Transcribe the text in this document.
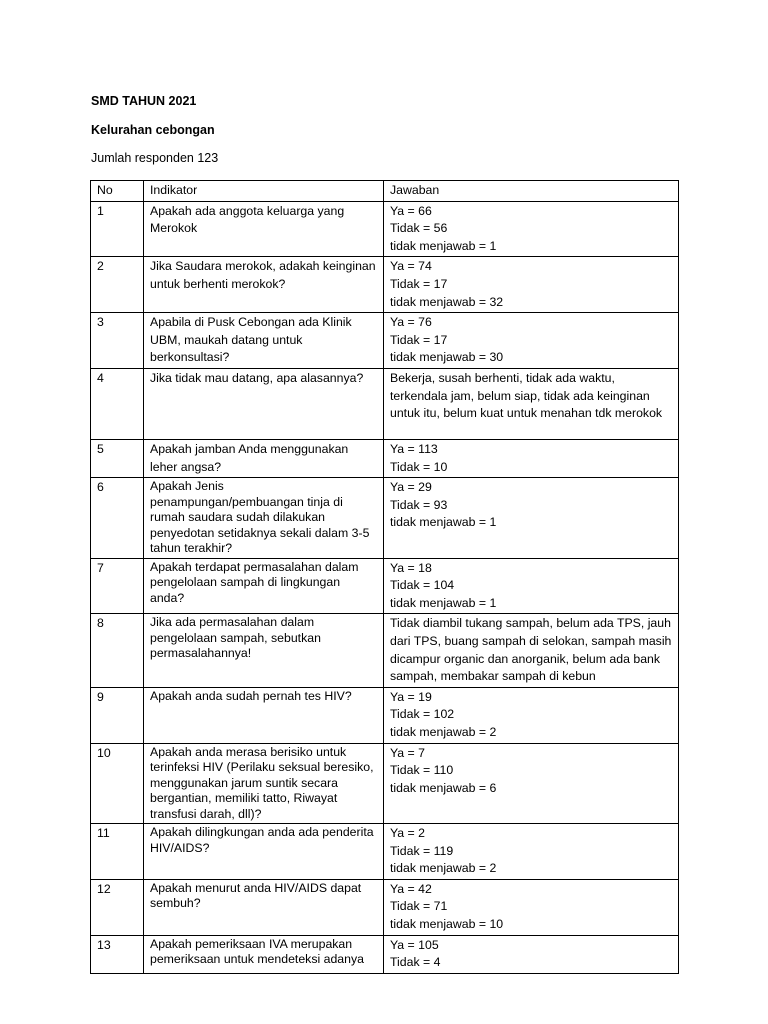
SMD TAHUN 2021
Kelurahan cebongan
Jumlah responden 123
No	Indikator	Jawaban
1	Apakah ada anggota keluarga yang Merokok	Ya = 66
Tidak = 56
tidak menjawab = 1

2	Jika Saudara merokok, adakah keinginan untuk berhenti merokok?	Ya = 74
Tidak = 17
tidak menjawab = 32

3	Apabila di Pusk Cebongan ada Klinik UBM, maukah datang untuk berkonsultasi?	Ya = 76
Tidak = 17
tidak menjawab = 30

4	Jika tidak mau datang, apa alasannya?	Bekerja, susah berhenti, tidak ada waktu, terkendala jam, belum siap, tidak ada keinginan untuk itu, belum kuat untuk menahan tdk merokok
5	Apakah jamban Anda menggunakan leher angsa?	Ya = 113
Tidak = 10

6	Apakah Jenis penampungan/pembuangan tinja di rumah saudara sudah dilakukan penyedotan setidaknya sekali dalam 3-5 tahun terakhir?	Ya = 29
Tidak = 93
tidak menjawab = 1

7	Apakah terdapat permasalahan dalam pengelolaan sampah di lingkungan anda?	Ya = 18
Tidak = 104
tidak menjawab = 1

8	Jika ada permasalahan dalam pengelolaan sampah, sebutkan permasalahannya!	Tidak diambil tukang sampah, belum ada TPS, jauh dari TPS, buang sampah di selokan, sampah masih dicampur organic dan anorganik, belum ada bank sampah, membakar sampah di kebun
9	Apakah anda sudah pernah tes HIV?	Ya = 19
Tidak = 102
tidak menjawab = 2

10	Apakah anda merasa berisiko untuk terinfeksi HIV (Perilaku seksual beresiko, menggunakan jarum suntik secara bergantian, memiliki tatto, Riwayat transfusi darah, dll)?	Ya = 7
Tidak = 110
tidak menjawab = 6

11	Apakah dilingkungan anda ada penderita HIV/AIDS?	Ya = 2
Tidak = 119
tidak menjawab = 2

12	Apakah menurut anda HIV/AIDS dapat sembuh?	Ya = 42
Tidak = 71
tidak menjawab = 10

13	Apakah pemeriksaan IVA merupakan pemeriksaan untuk mendeteksi adanya	Ya = 105
Tidak = 4
